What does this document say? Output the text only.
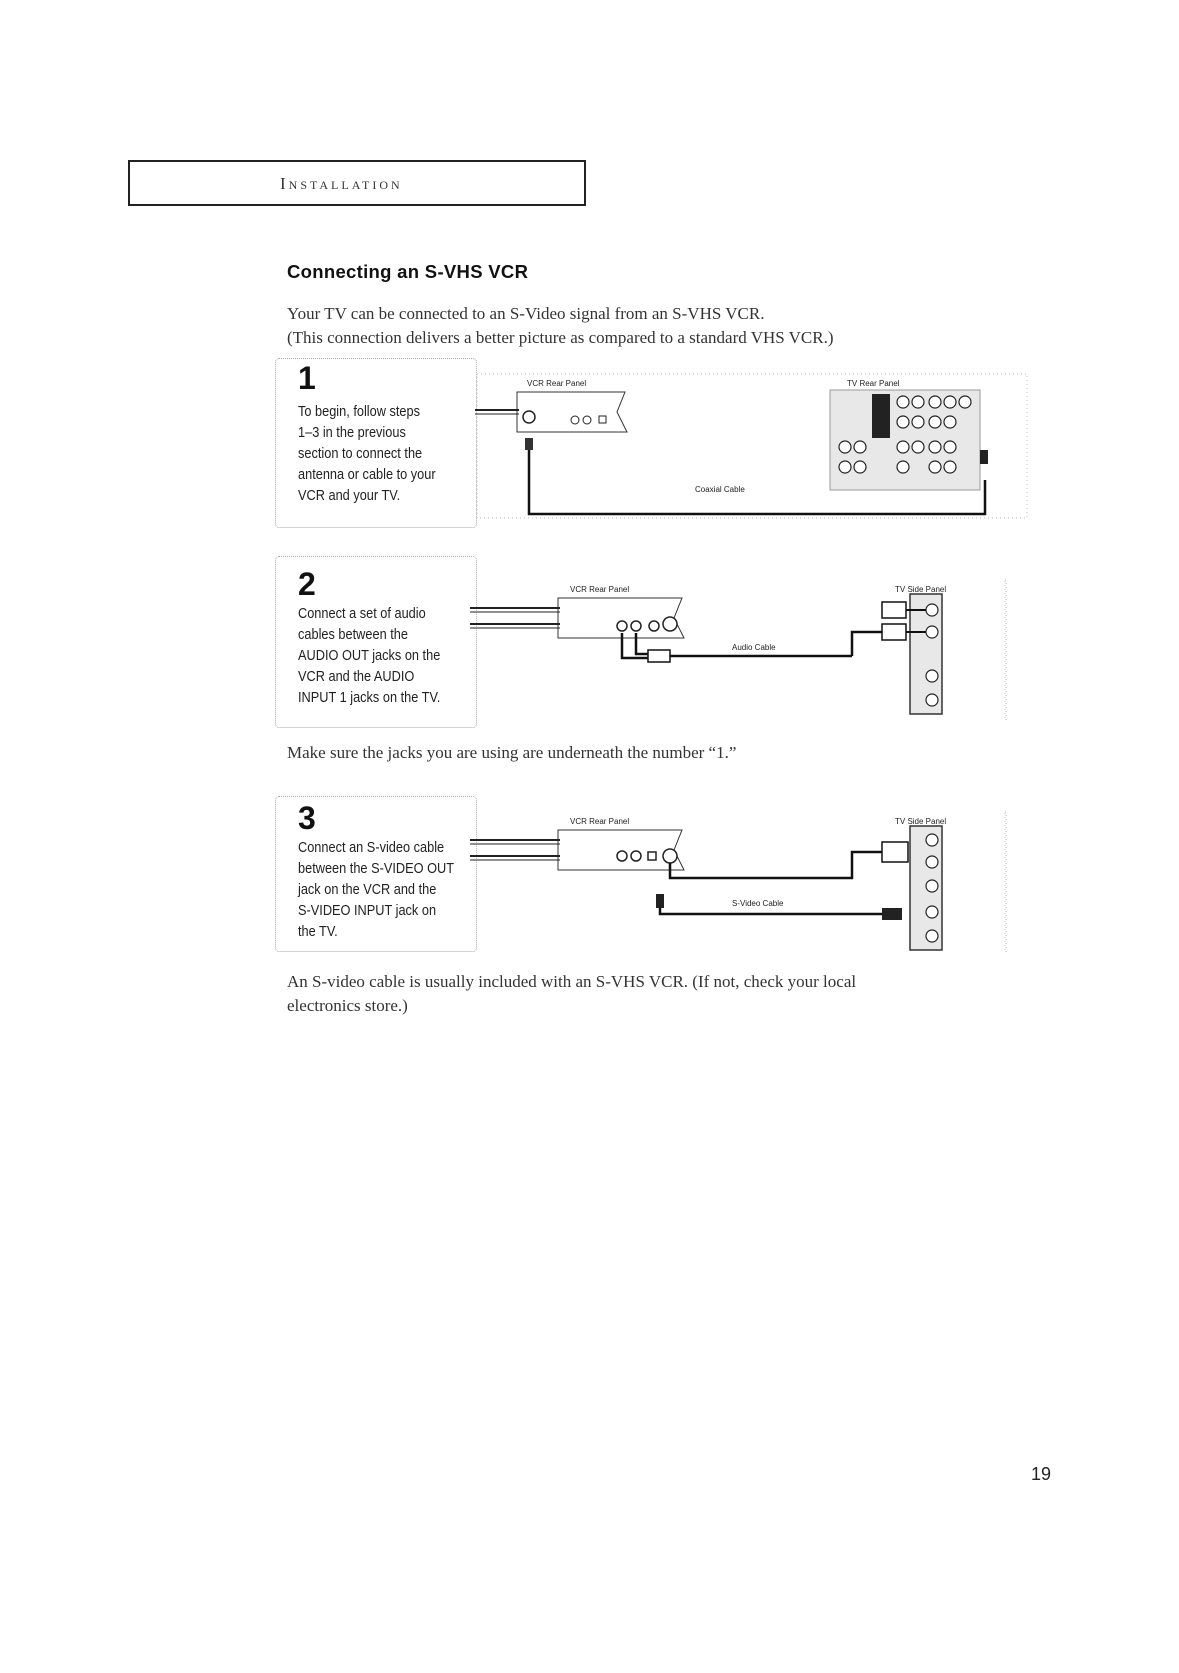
Installation
Connecting an S-VHS VCR
Your TV can be connected to an S-Video signal from an S-VHS VCR.
(This connection delivers a better picture as compared to a standard VHS VCR.)
1
To begin, follow steps
1–3 in the previous
section to connect the
antenna or cable to your
VCR and your TV.
VCR Rear Panel
Coaxial Cable
TV Rear Panel
2
Connect a set of audio
cables between the
AUDIO OUT jacks on the
VCR and the AUDIO
INPUT 1 jacks on the TV.
VCR Rear Panel
Audio Cable
TV Side Panel
Make sure the jacks you are using are underneath the number “1.”
3
Connect an S-video cable
between the S-VIDEO OUT
jack on the VCR and the
S-VIDEO INPUT jack on
the TV.
VCR Rear Panel
S-Video Cable
TV Side Panel
An S-video cable is usually included with an S-VHS VCR. (If not, check your local
electronics store.)
19
